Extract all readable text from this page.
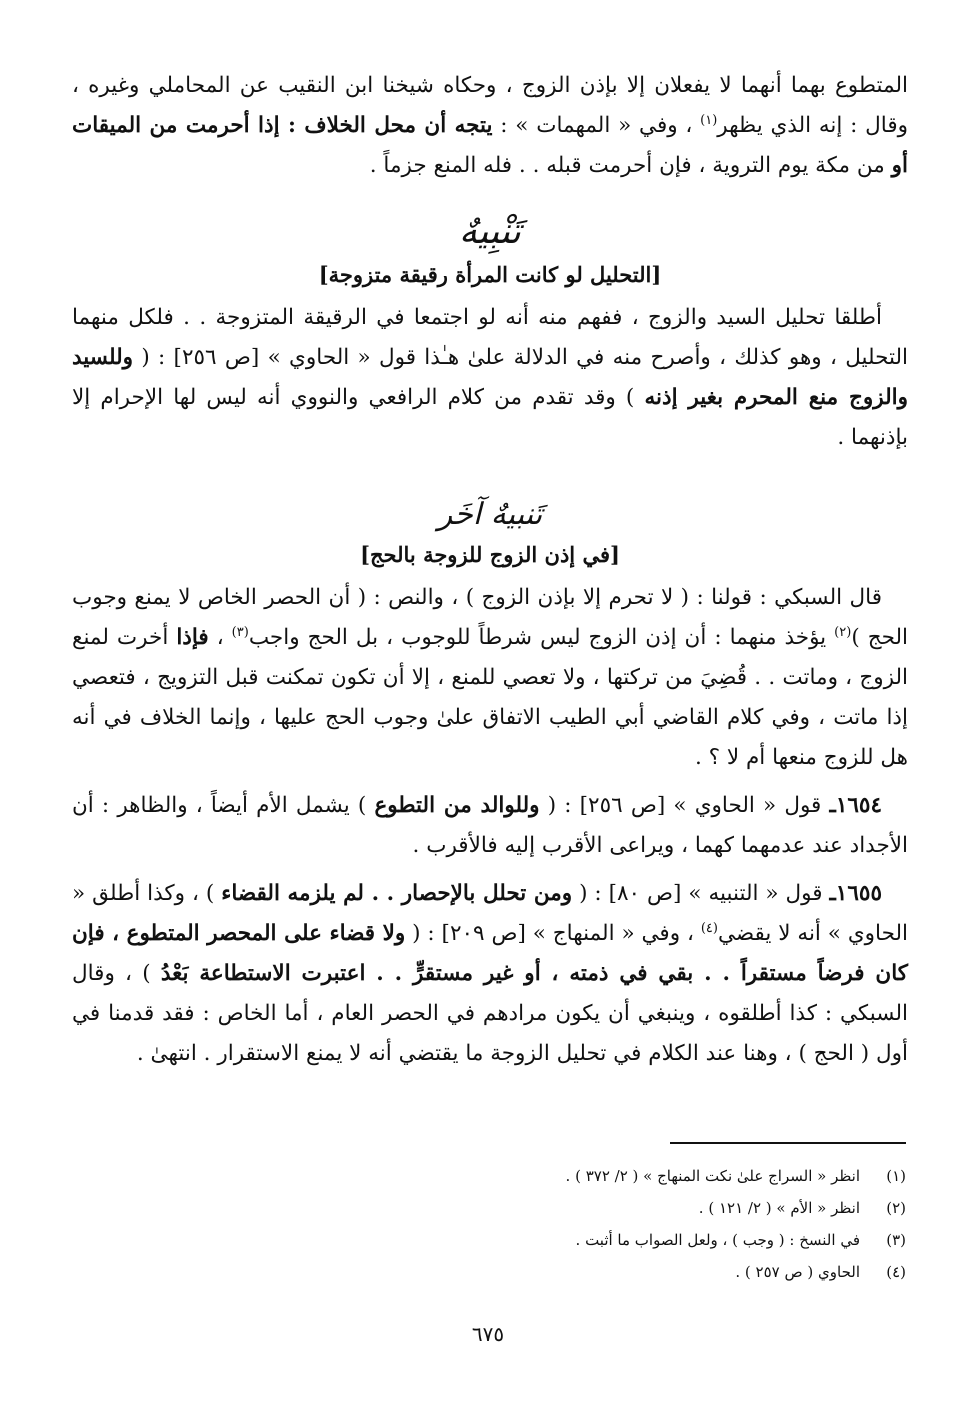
المتطوع بهما أنهما لا يفعلان إلا بإذن الزوج ، وحكاه شيخنا ابن النقيب عن المحاملي وغيره ، وقال : إنه الذي يظهر$^{(١)}$ ، وفي « المهمات » : يتجه أن محل الخلاف : إذا أحرمت من الميقات أو من مكة يوم التروية ، فإن أحرمت قبله . . فله المنع جزماً .

تَنْبِيهٌ
[التحليل لو كانت المرأة رقيقة متزوجة]

أطلقا تحليل السيد والزوج ، ففهم منه أنه لو اجتمعا في الرقيقة المتزوجة . . فلكل منهما التحليل ، وهو كذلك ، وأصرح منه في الدلالة علىٰ هـٰذا قول « الحاوي » [ص ٢٥٦] : ( وللسيد والزوج منع المحرم بغير إذنه ) وقد تقدم من كلام الرافعي والنووي أنه ليس لها الإحرام إلا بإذنهما .

تَنبيهٌ آخَر
[في إذن الزوج للزوجة بالحج]

قال السبكي : قولنا : ( لا تحرم إلا بإذن الزوج ) ، والنص : ( أن الحصر الخاص لا يمنع وجوب الحج )$^{(٢)}$ يؤخذ منهما : أن إذن الزوج ليس شرطاً للوجوب ، بل الحج واجب$^{(٣)}$ ، فإذا أخرت لمنع الزوج ، وماتت . . قُضِيَ من تركتها ، ولا تعصي للمنع ، إلا أن تكون تمكنت قبل التزويج ، فتعصي إذا ماتت ، وفي كلام القاضي أبي الطيب الاتفاق علىٰ وجوب الحج عليها ، وإنما الخلاف في أنه هل للزوج منعها أم لا ؟ .

١٦٥٤ـ قول « الحاوي » [ص ٢٥٦] : ( وللوالد من التطوع ) يشمل الأم أيضاً ، والظاهر : أن الأجداد عند عدمهما كهما ، ويراعى الأقرب إليه فالأقرب .

١٦٥٥ـ قول « التنبيه » [ص ٨٠] : ( ومن تحلل بالإحصار . . لم يلزمه القضاء ) ، وكذا أطلق « الحاوي » أنه لا يقضي$^{(٤)}$ ، وفي « المنهاج » [ص ٢٠٩] : ( ولا قضاء على المحصر المتطوع ، فإن كان فرضاً مستقراً . . بقي في ذمته ، أو غير مستقرٍّ . . اعتبرت الاستطاعة بَعْدُ ) ، وقال السبكي : كذا أطلقوه ، وينبغي أن يكون مرادهم في الحصر العام ، أما الخاص : فقد قدمنا في أول ( الحج ) ، وهنا عند الكلام في تحليل الزوجة ما يقتضي أنه لا يمنع الاستقرار . انتهىٰ .

(١)انظر « السراج علىٰ نكت المنهاج » ( ٢/ ٣٧٢ ) .
(٢)انظر « الأم » ( ٢/ ١٢١ ) .
(٣)في النسخ : ( وجب ) ، ولعل الصواب ما أثبت .
(٤)الحاوي ( ص ٢٥٧ ) .
٦٧٥
